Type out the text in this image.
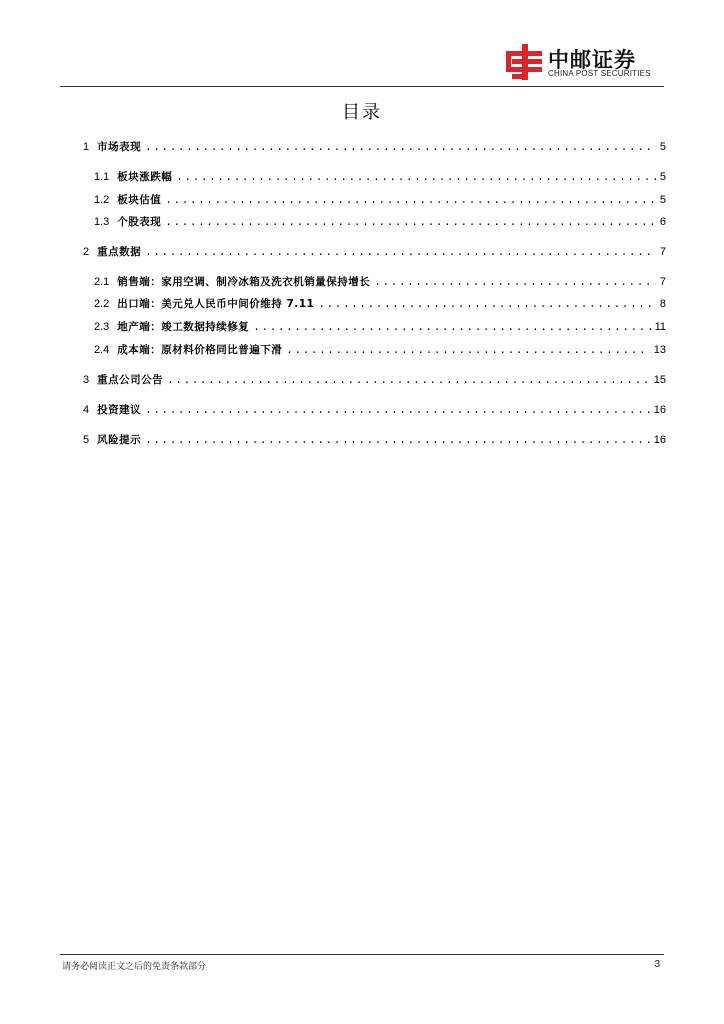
中邮证券
CHINA POST SECURITIES
目录
1 市场表现 .....	5
1.1 板块涨跌幅 .....	5
1.2 板块估值 .....	5
1.3 个股表现 .....	6
2 重点数据 .....	7
2.1 销售端：家用空调、制冷冰箱及洗衣机销量保持增长 .....	7
2.2 出口端：美元兑人民币中间价维持 7.11 .....	8
2.3 地产端：竣工数据持续修复 .....	11
2.4 成本端：原材料价格同比普遍下滑 .....	13
3 重点公司公告 .....	15
4 投资建议 .....	16
5 风险提示 .....	16
请务必阅读正文之后的免责条款部分	3
